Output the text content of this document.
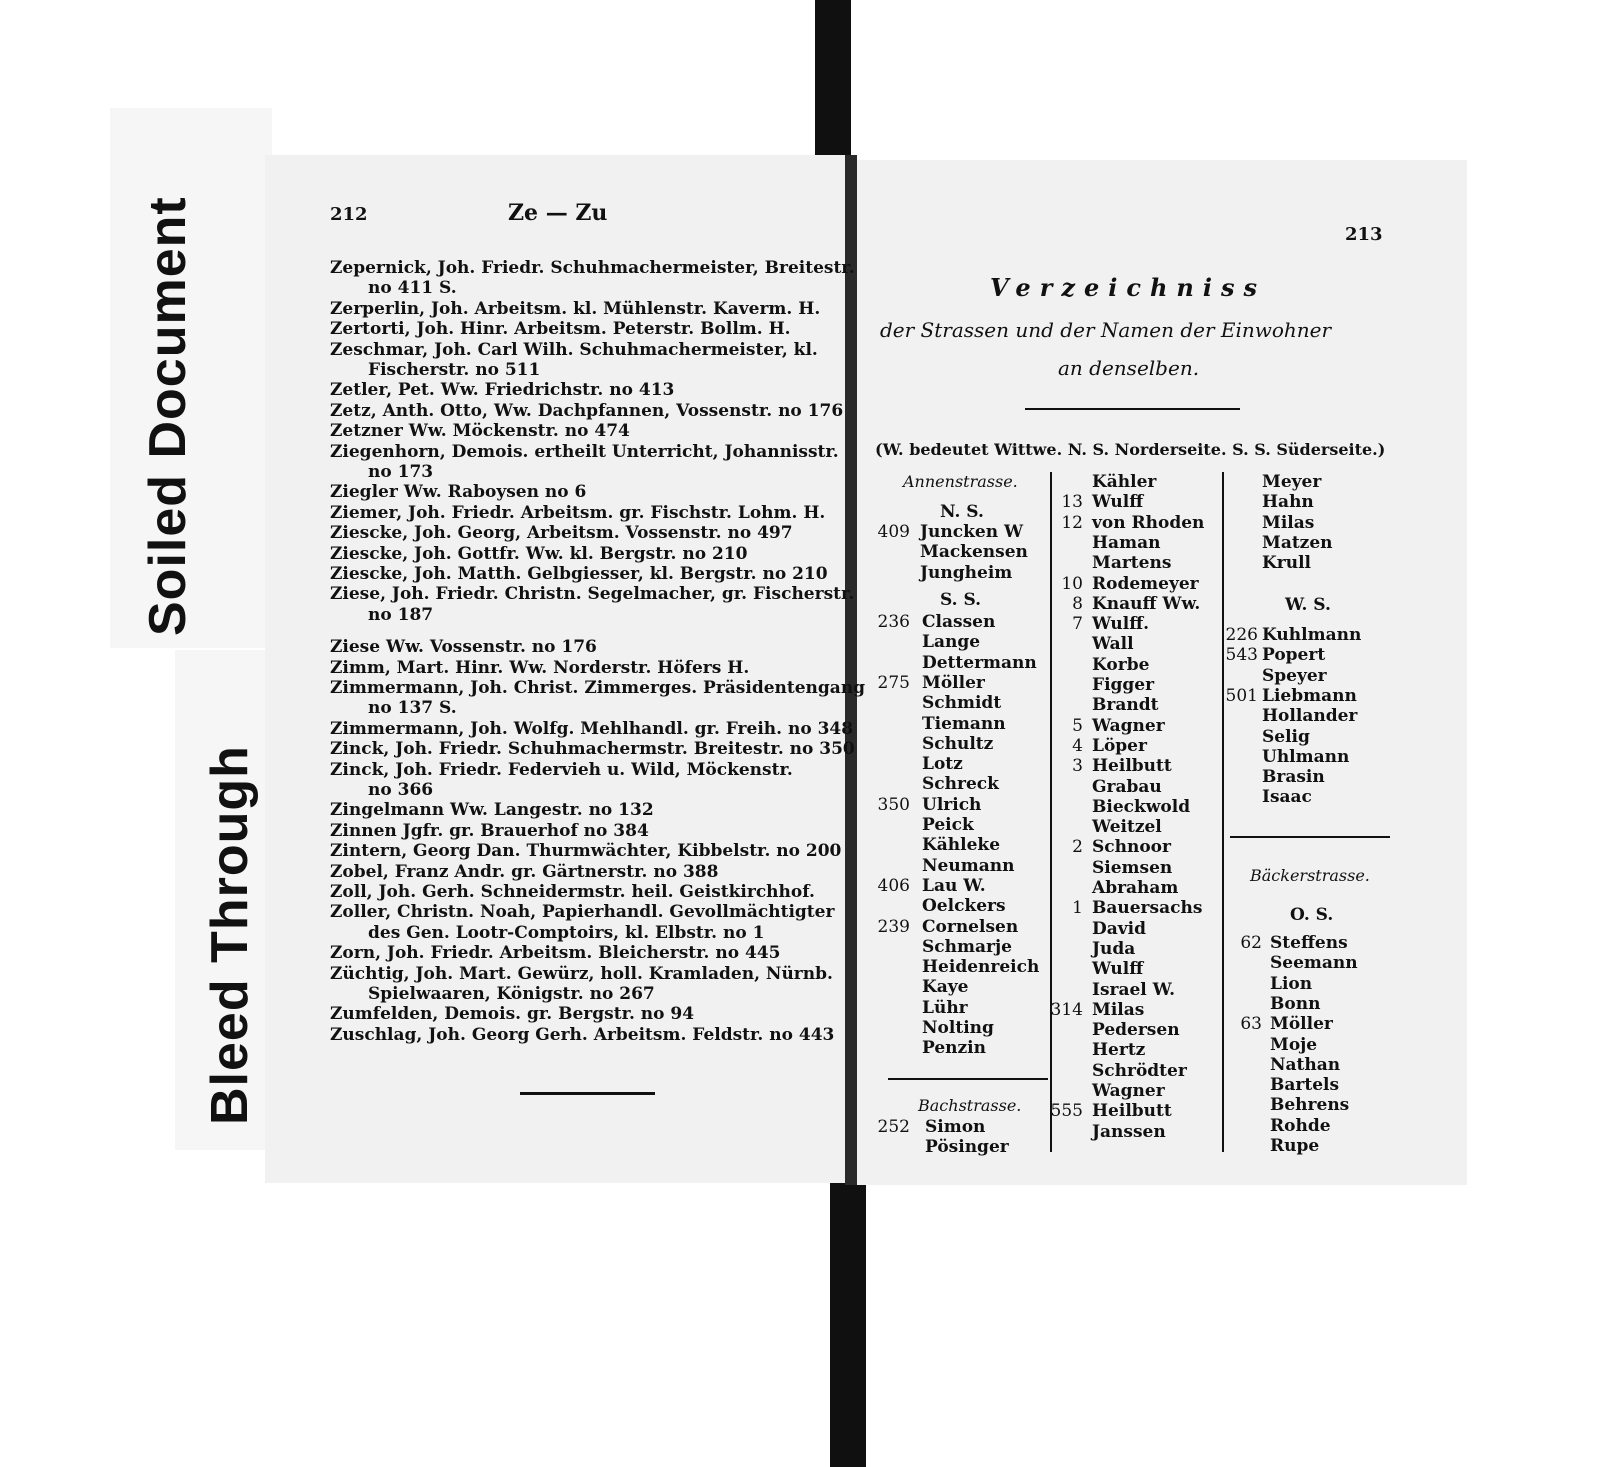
Soiled Document
Bleed Through
212	Ze — Zu
Zepernick, Joh. Friedr. Schuhmachermeister, Breitestr.
no 411 S.
Zerperlin, Joh. Arbeitsm. kl. Mühlenstr. Kaverm. H.
Zertorti, Joh. Hinr. Arbeitsm. Peterstr. Bollm. H.
Zeschmar, Joh. Carl Wilh. Schuhmachermeister, kl.
Fischerstr. no 511
Zetler, Pet. Ww. Friedrichstr. no 413
Zetz, Anth. Otto, Ww. Dachpfannen, Vossenstr. no 176
Zetzner Ww. Möckenstr. no 474
Ziegenhorn, Demois. ertheilt Unterricht, Johannisstr.
no 173
Ziegler Ww. Raboysen no 6
Ziemer, Joh. Friedr. Arbeitsm. gr. Fischstr. Lohm. H.
Ziescke, Joh. Georg, Arbeitsm. Vossenstr. no 497
Ziescke, Joh. Gottfr. Ww. kl. Bergstr. no 210
Ziescke, Joh. Matth. Gelbgiesser, kl. Bergstr. no 210
Ziese, Joh. Friedr. Christn. Segelmacher, gr. Fischerstr.
no 187
Ziese Ww. Vossenstr. no 176
Zimm, Mart. Hinr. Ww. Norderstr. Höfers H.
Zimmermann, Joh. Christ. Zimmerges. Präsidentengang
no 137 S.
Zimmermann, Joh. Wolfg. Mehlhandl. gr. Freih. no 348
Zinck, Joh. Friedr. Schuhmachermstr. Breitestr. no 350
Zinck, Joh. Friedr. Federvieh u. Wild, Möckenstr.
no 366
Zingelmann Ww. Langestr. no 132
Zinnen Jgfr. gr. Brauerhof no 384
Zintern, Georg Dan. Thurmwächter, Kibbelstr. no 200
Zobel, Franz Andr. gr. Gärtnerstr. no 388
Zoll, Joh. Gerh. Schneidermstr. heil. Geistkirchhof.
Zoller, Christn. Noah, Papierhandl. Gevollmächtigter
des Gen. Lootr-Comptoirs, kl. Elbstr. no 1
Zorn, Joh. Friedr. Arbeitsm. Bleicherstr. no 445
Züchtig, Joh. Mart. Gewürz, holl. Kramladen, Nürnb.
Spielwaaren, Königstr. no 267
Zumfelden, Demois. gr. Bergstr. no 94
Zuschlag, Joh. Georg Gerh. Arbeitsm. Feldstr. no 443
213
Verzeichniss
der Strassen und der Namen der Einwohner
an denselben.
(W. bedeutet Wittwe. N. S. Norderseite. S. S. Süderseite.)
Annenstrasse.
N. S.
409 Juncken W
Mackensen
Jungheim
236 Classen
Lange
Dettermann
275 Möller
Schmidt
Tiemann
Schultz
Lotz
Schreck
350 Ulrich
Peick
Kähleke
Neumann
406 Lau W.
Oelckers
239 Cornelsen
Schmarje
Heidenreich
Kaye
Lühr
Nolting
Penzin
252 Simon
Pösinger
Kähler
13 Wulff
12 von Rhoden
Haman
Martens
10 Rodemeyer
8 Knauff Ww.
7 Wulff.
Wall
Korbe
Figger
Brandt
5 Wagner
4 Löper
3 Heilbutt
Grabau
Bieckwold
Weitzel
2 Schnoor
Siemsen
Abraham
1 Bauersachs
David
Juda
Wulff
Israel W.
314 Milas
Pedersen
Hertz
Schrödter
Wagner
555 Heilbutt
Janssen
Meyer
Hahn
Milas
Matzen
Krull
226 Kuhlmann
543 Popert
Speyer
501 Liebmann
Hollander
Selig
Uhlmann
Brasin
Isaac
62 Steffens
Seemann
Lion
Bonn
63 Möller
Moje
Nathan
Bartels
Behrens
Rohde
Rupe
S. S.
Bachstrasse.
W. S.
Bäckerstrasse.
O. S.
